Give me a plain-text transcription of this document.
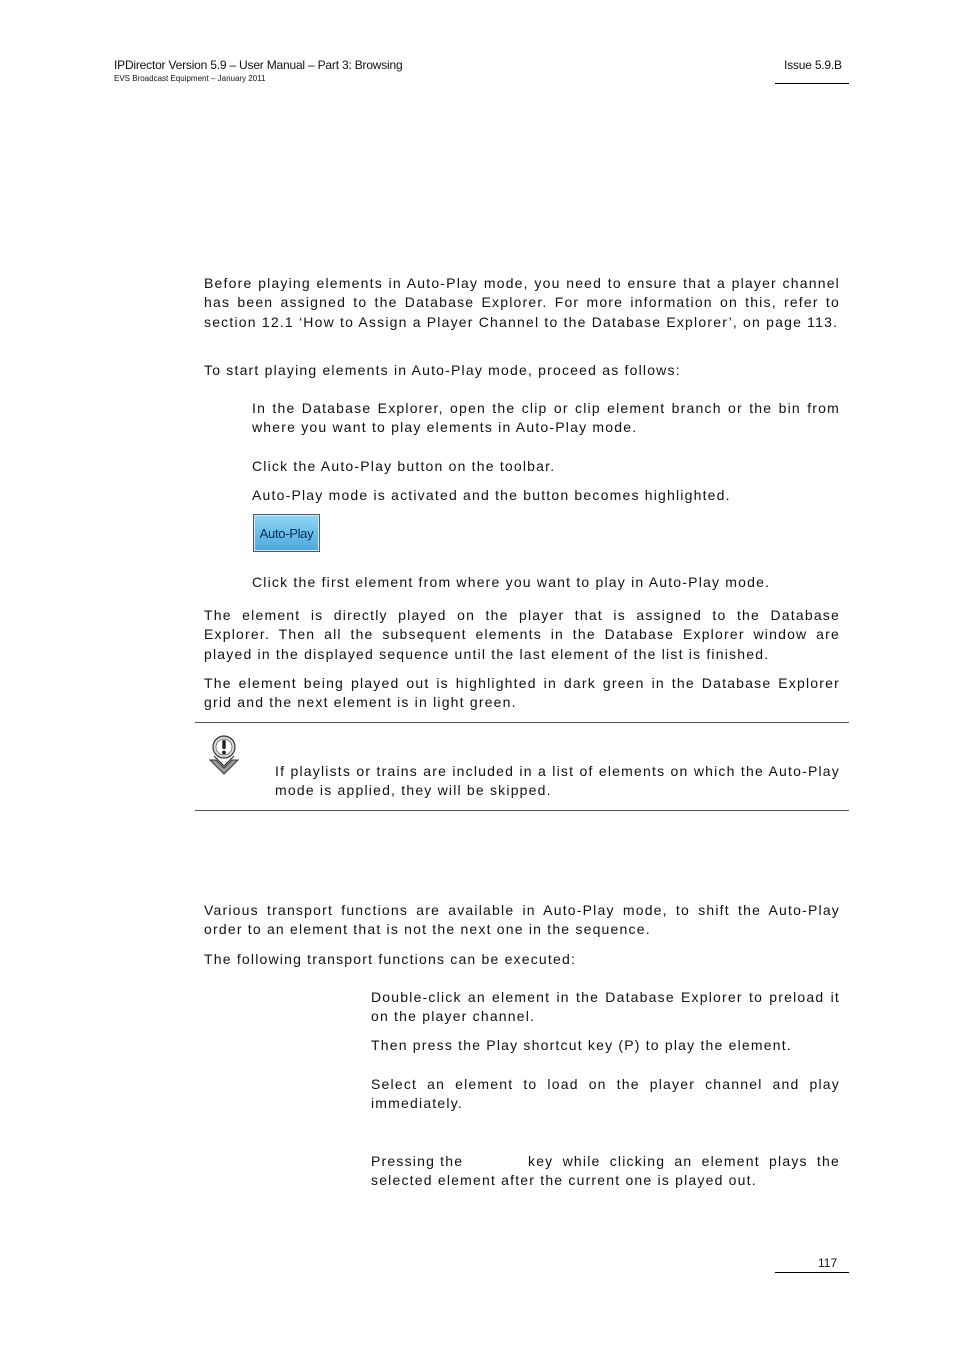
IPDirector Version 5.9 – User Manual – Part 3: Browsing
EVS Broadcast Equipment – January 2011
Issue 5.9.B

Before playing elements in Auto-Play mode, you need to ensure that a player channel has been assigned to the Database Explorer. For more information on this, refer to section 12.1 ‘How to Assign a Player Channel to the Database Explorer’, on page 113.

To start playing elements in Auto-Play mode, proceed as follows:

In the Database Explorer, open the clip or clip element branch or the bin from where you want to play elements in Auto-Play mode.

Click the Auto-Play button on the toolbar.

Auto-Play mode is activated and the button becomes highlighted.

Auto-Play

Click the first element from where you want to play in Auto-Play mode.

The element is directly played on the player that is assigned to the Database Explorer. Then all the subsequent elements in the Database Explorer window are played in the displayed sequence until the last element of the list is finished.

The element being played out is highlighted in dark green in the Database Explorer grid and the next element is in light green.

If playlists or trains are included in a list of elements on which the Auto-Play mode is applied, they will be skipped.

Various transport functions are available in Auto-Play mode, to shift the Auto-Play order to an element that is not the next one in the sequence.

The following transport functions can be executed:

Double-click an element in the Database Explorer to preload it on the player channel.

Then press the Play shortcut key (P) to play the element.

Select an element to load on the player channel and play immediately.

Pressing the	key while clicking an element plays the selected element after the current one is played out.

117
